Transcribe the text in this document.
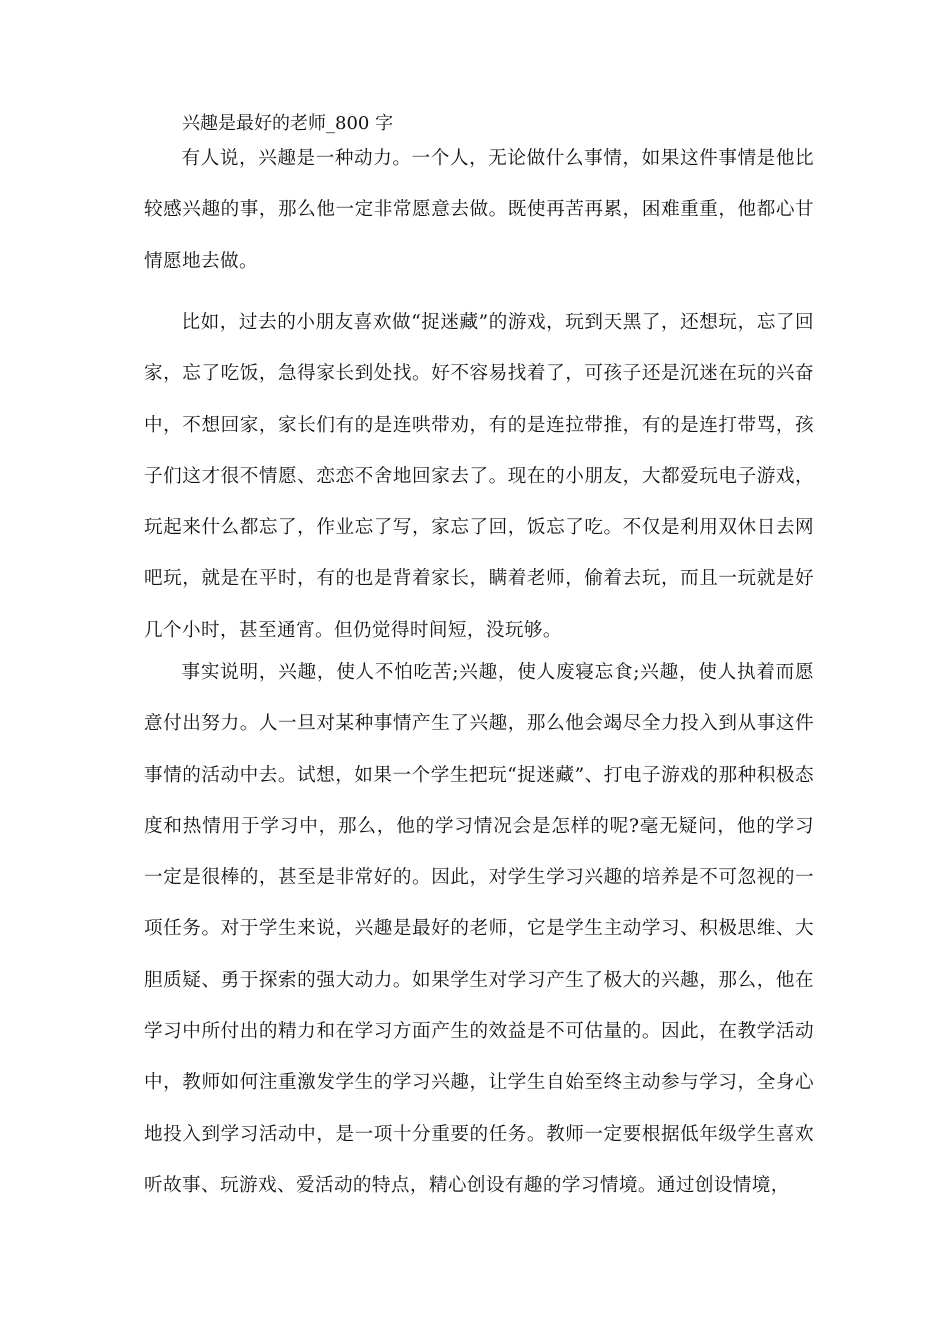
兴趣是最好的老师_800 字

有人说，兴趣是一种动力。一个人，无论做什么事情，如果这件事情是他比较感兴趣的事，那么他一定非常愿意去做。既使再苦再累，困难重重，他都心甘情愿地去做。

比如，过去的小朋友喜欢做“捉迷藏”的游戏，玩到天黑了，还想玩，忘了回家，忘了吃饭，急得家长到处找。好不容易找着了，可孩子还是沉迷在玩的兴奋中，不想回家，家长们有的是连哄带劝，有的是连拉带推，有的是连打带骂，孩子们这才很不情愿、恋恋不舍地回家去了。现在的小朋友，大都爱玩电子游戏，玩起来什么都忘了，作业忘了写，家忘了回，饭忘了吃。不仅是利用双休日去网吧玩，就是在平时，有的也是背着家长，瞒着老师，偷着去玩，而且一玩就是好几个小时，甚至通宵。但仍觉得时间短，没玩够。

事实说明，兴趣，使人不怕吃苦;兴趣，使人废寝忘食;兴趣，使人执着而愿意付出努力。人一旦对某种事情产生了兴趣，那么他会竭尽全力投入到从事这件事情的活动中去。试想，如果一个学生把玩“捉迷藏”、打电子游戏的那种积极态度和热情用于学习中，那么，他的学习情况会是怎样的呢?毫无疑问，他的学习一定是很棒的，甚至是非常好的。因此，对学生学习兴趣的培养是不可忽视的一项任务。对于学生来说，兴趣是最好的老师，它是学生主动学习、积极思维、大胆质疑、勇于探索的强大动力。如果学生对学习产生了极大的兴趣，那么，他在学习中所付出的精力和在学习方面产生的效益是不可估量的。因此，在教学活动中，教师如何注重激发学生的学习兴趣，让学生自始至终主动参与学习，全身心地投入到学习活动中，是一项十分重要的任务。教师一定要根据低年级学生喜欢听故事、玩游戏、爱活动的特点，精心创设有趣的学习情境。通过创设情境，
